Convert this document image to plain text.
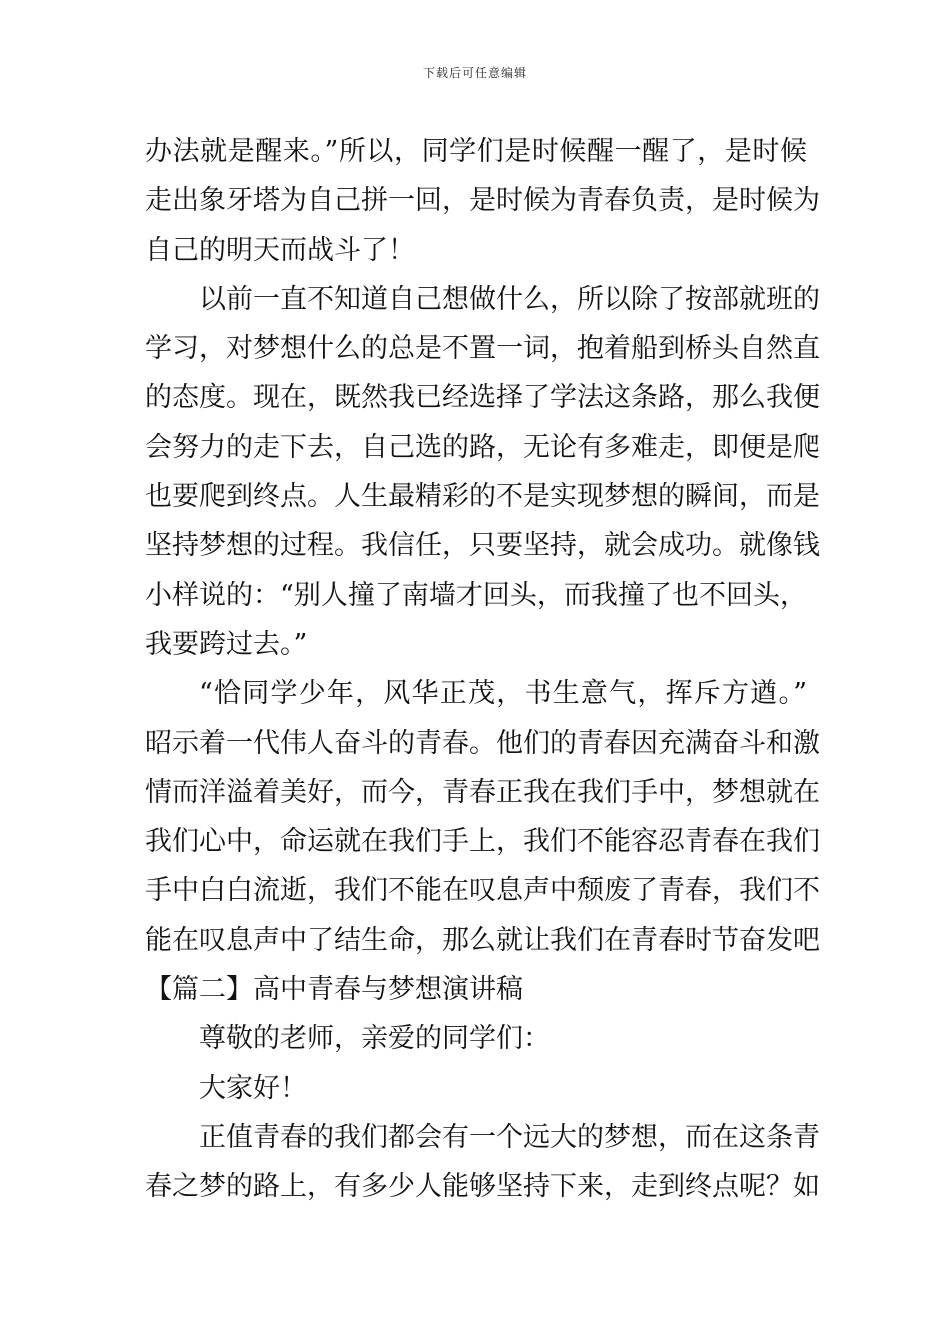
下载后可任意编辑
办法就是醒来。”所以，同学们是时候醒一醒了，是时候
走出象牙塔为自己拼一回，是时候为青春负责，是时候为
自己的明天而战斗了！
以前一直不知道自己想做什么，所以除了按部就班的
学习，对梦想什么的总是不置一词，抱着船到桥头自然直
的态度。现在，既然我已经选择了学法这条路，那么我便
会努力的走下去，自己选的路，无论有多难走，即便是爬
也要爬到终点。人生最精彩的不是实现梦想的瞬间，而是
坚持梦想的过程。我信任，只要坚持，就会成功。就像钱
小样说的：“别人撞了南墙才回头，而我撞了也不回头，
我要跨过去。”
“恰同学少年，风华正茂，书生意气，挥斥方遒。”
昭示着一代伟人奋斗的青春。他们的青春因充满奋斗和激
情而洋溢着美好，而今，青春正我在我们手中，梦想就在
我们心中，命运就在我们手上，我们不能容忍青春在我们
手中白白流逝，我们不能在叹息声中颓废了青春，我们不
能在叹息声中了结生命，那么就让我们在青春时节奋发吧
【篇二】高中青春与梦想演讲稿
尊敬的老师，亲爱的同学们：
大家好！
正值青春的我们都会有一个远大的梦想，而在这条青
春之梦的路上，有多少人能够坚持下来，走到终点呢？如
